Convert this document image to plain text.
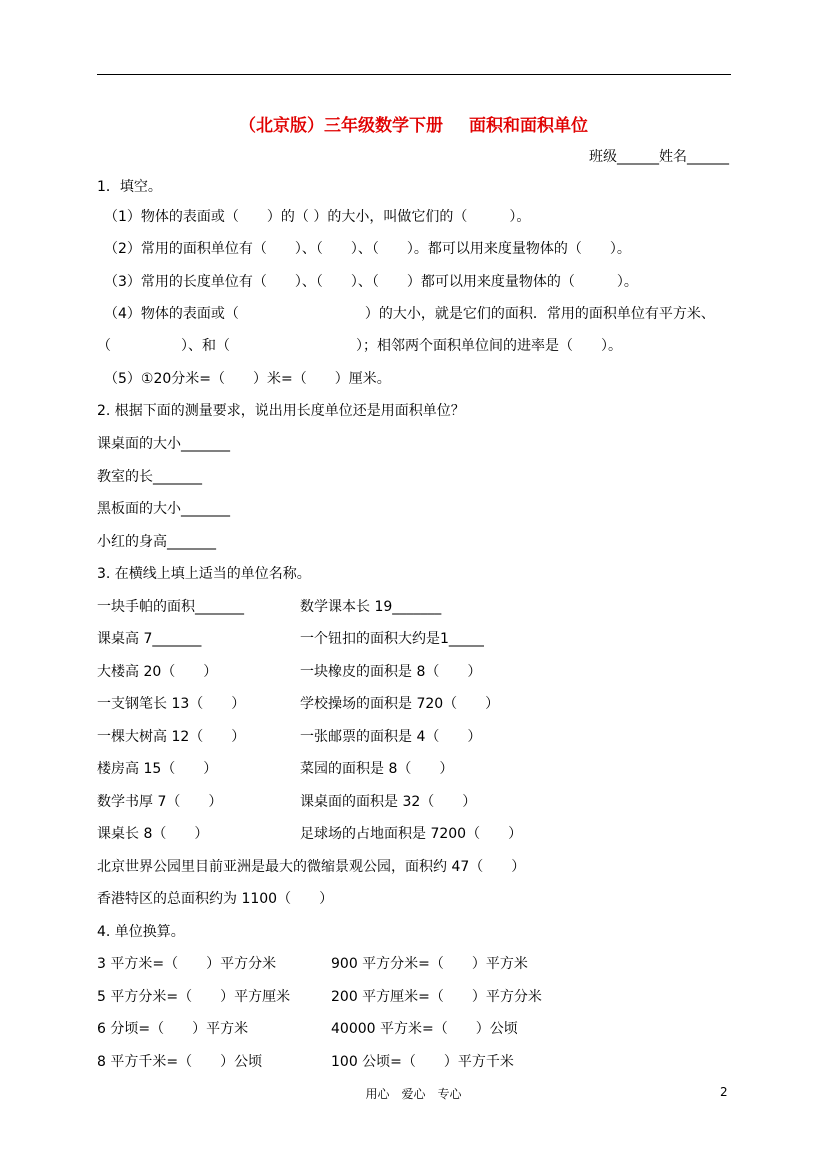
（北京版）三年级数学下册 面积和面积单位
班级______姓名______
1．填空。
（1）物体的表面或（　　）的（ ）的大小，叫做它们的（　　　）。
（2）常用的面积单位有（　　）、（　　）、（　　）。都可以用来度量物体的（　　）。
（3）常用的长度单位有（　　）、（　　）、（　　）都可以用来度量物体的（　　　）。
（4）物体的表面或（　　　　　　　　　）的大小，就是它们的面积．常用的面积单位有平方米、
（　　　　　）、和（　　　　　　　　　）；相邻两个面积单位间的进率是（　　）。
（5）①20分米=（　　）米=（　　）厘米。
2. 根据下面的测量要求，说出用长度单位还是用面积单位？
课桌面的大小_______
教室的长_______
黑板面的大小_______
小红的身高_______
3. 在横线上填上适当的单位名称。
一块手帕的面积_______	数学课本长 19_______
课桌高 7_______	一个钮扣的面积大约是1_____
大楼高 20（　　）	一块橡皮的面积是 8（　　）
一支钢笔长 13（　　）	学校操场的面积是 720（　　）
一棵大树高 12（　　）	一张邮票的面积是 4（　　）
楼房高 15（　　）	菜园的面积是 8（　　）
数学书厚 7（　　）	课桌面的面积是 32（　　）
课桌长 8（　　）	足球场的占地面积是 7200（　　）
北京世界公园里目前亚洲是最大的微缩景观公园，面积约 47（　　）
香港特区的总面积约为 1100（　　）
4. 单位换算。
3 平方米=（　　）平方分米	900 平方分米=（　　）平方米
5 平方分米=（　　）平方厘米	200 平方厘米=（　　）平方分米
6 分顷=（　　）平方米	40000 平方米=（　　）公顷
8 平方千米=（　　）公顷	100 公顷=（　　）平方千米
用心　爱心　专心	2
